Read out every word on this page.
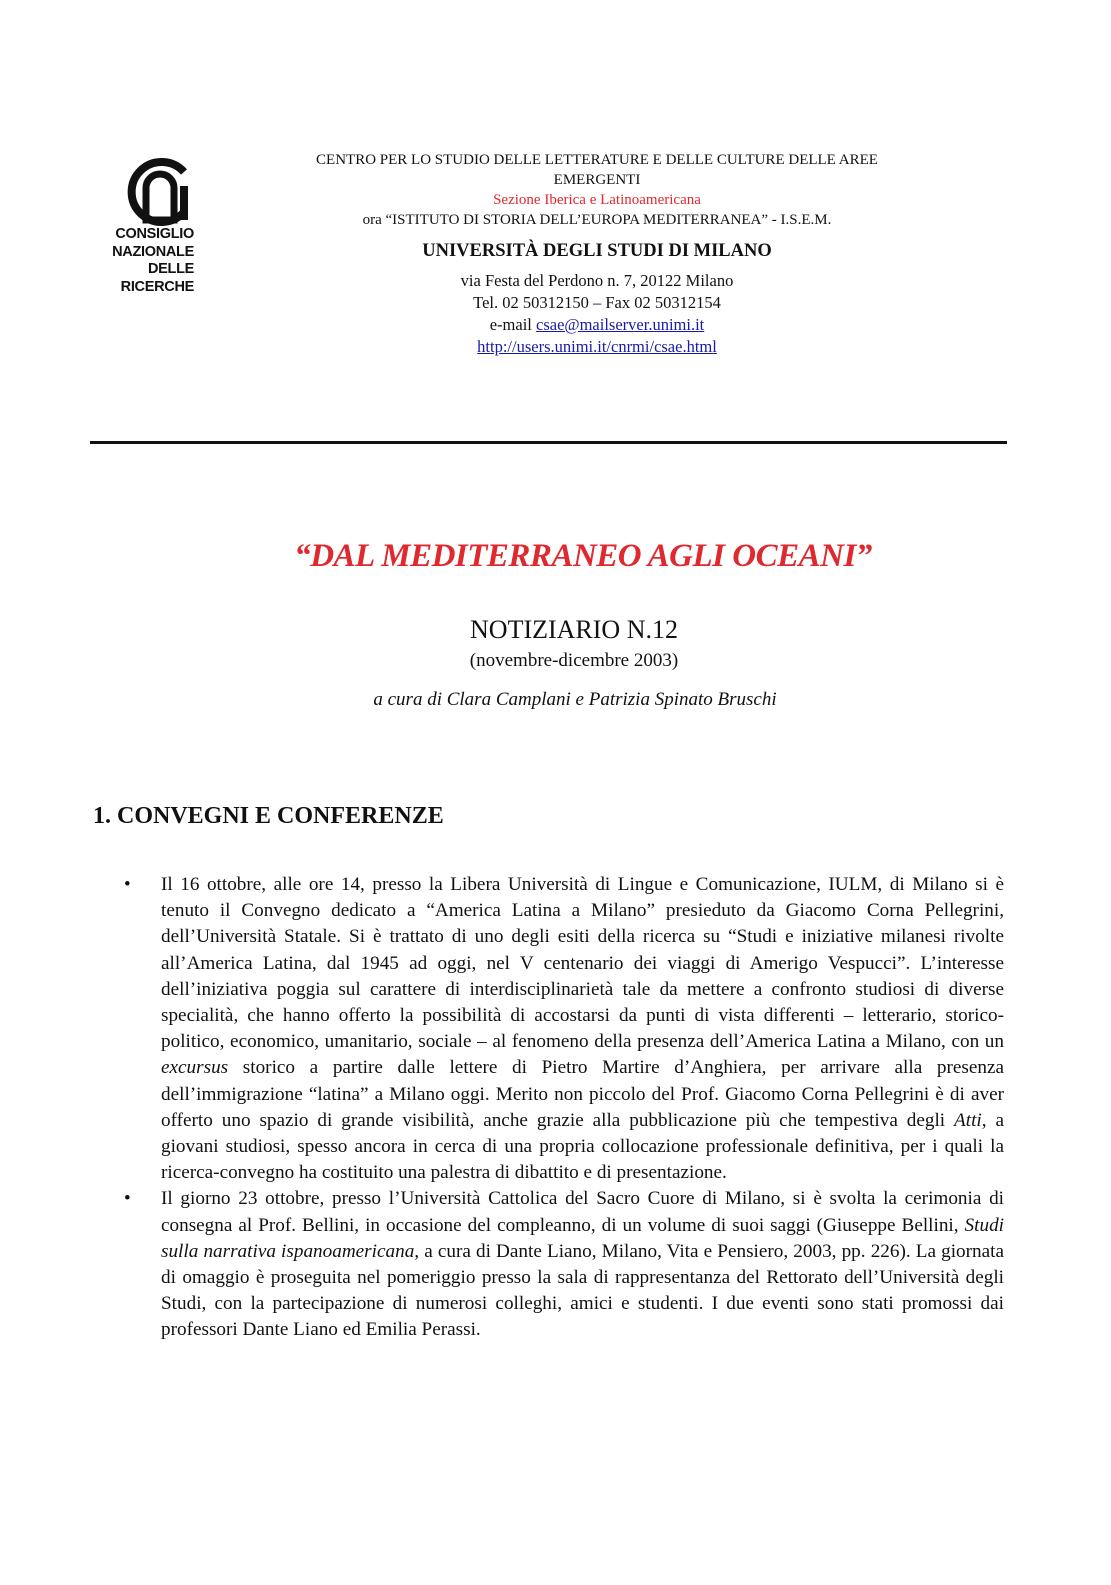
CONSIGLIO
NAZIONALE
DELLE
RICERCHE
CENTRO PER LO STUDIO DELLE LETTERATURE E DELLE CULTURE DELLE AREE
EMERGENTI
Sezione Iberica e Latinoamericana
ora “ISTITUTO DI STORIA DELL’EUROPA MEDITERRANEA” - I.S.E.M.
UNIVERSITÀ DEGLI STUDI DI MILANO
via Festa del Perdono n. 7, 20122 Milano
Tel. 02 50312150 – Fax 02 50312154
e-mail csae@mailserver.unimi.it
http://users.unimi.it/cnrmi/csae.html
“DAL MEDITERRANEO AGLI OCEANI”
NOTIZIARIO N.12
(novembre-dicembre 2003)
a cura di Clara Camplani e Patrizia Spinato Bruschi
1. CONVEGNI E CONFERENZE
• Il 16 ottobre, alle ore 14, presso la Libera Università di Lingue e Comunicazione, IULM, di Milano si è tenuto il Convegno dedicato a “America Latina a Milano” presieduto da Giacomo Corna Pellegrini, dell’Università Statale. Si è trattato di uno degli esiti della ricerca su “Studi e iniziative milanesi rivolte all’America Latina, dal 1945 ad oggi, nel V centenario dei viaggi di Amerigo Vespucci”. L’interesse dell’iniziativa poggia sul carattere di interdisciplinarietà tale da mettere a confronto studiosi di diverse specialità, che hanno offerto la possibilità di accostarsi da punti di vista differenti – letterario, storico-politico, economico, umanitario, sociale – al fenomeno della presenza dell’America Latina a Milano, con un excursus storico a partire dalle lettere di Pietro Martire d’Anghiera, per arrivare alla presenza dell’immigrazione “latina” a Milano oggi. Merito non piccolo del Prof. Giacomo Corna Pellegrini è di aver offerto uno spazio di grande visibilità, anche grazie alla pubblicazione più che tempestiva degli Atti, a giovani studiosi, spesso ancora in cerca di una propria collocazione professionale definitiva, per i quali la ricerca-convegno ha costituito una palestra di dibattito e di presentazione.
• Il giorno 23 ottobre, presso l’Università Cattolica del Sacro Cuore di Milano, si è svolta la cerimonia di consegna al Prof. Bellini, in occasione del compleanno, di un volume di suoi saggi (Giuseppe Bellini, Studi sulla narrativa ispanoamericana, a cura di Dante Liano, Milano, Vita e Pensiero, 2003, pp. 226). La giornata di omaggio è proseguita nel pomeriggio presso la sala di rappresentanza del Rettorato dell’Università degli Studi, con la partecipazione di numerosi colleghi, amici e studenti. I due eventi sono stati promossi dai professori Dante Liano ed Emilia Perassi.
